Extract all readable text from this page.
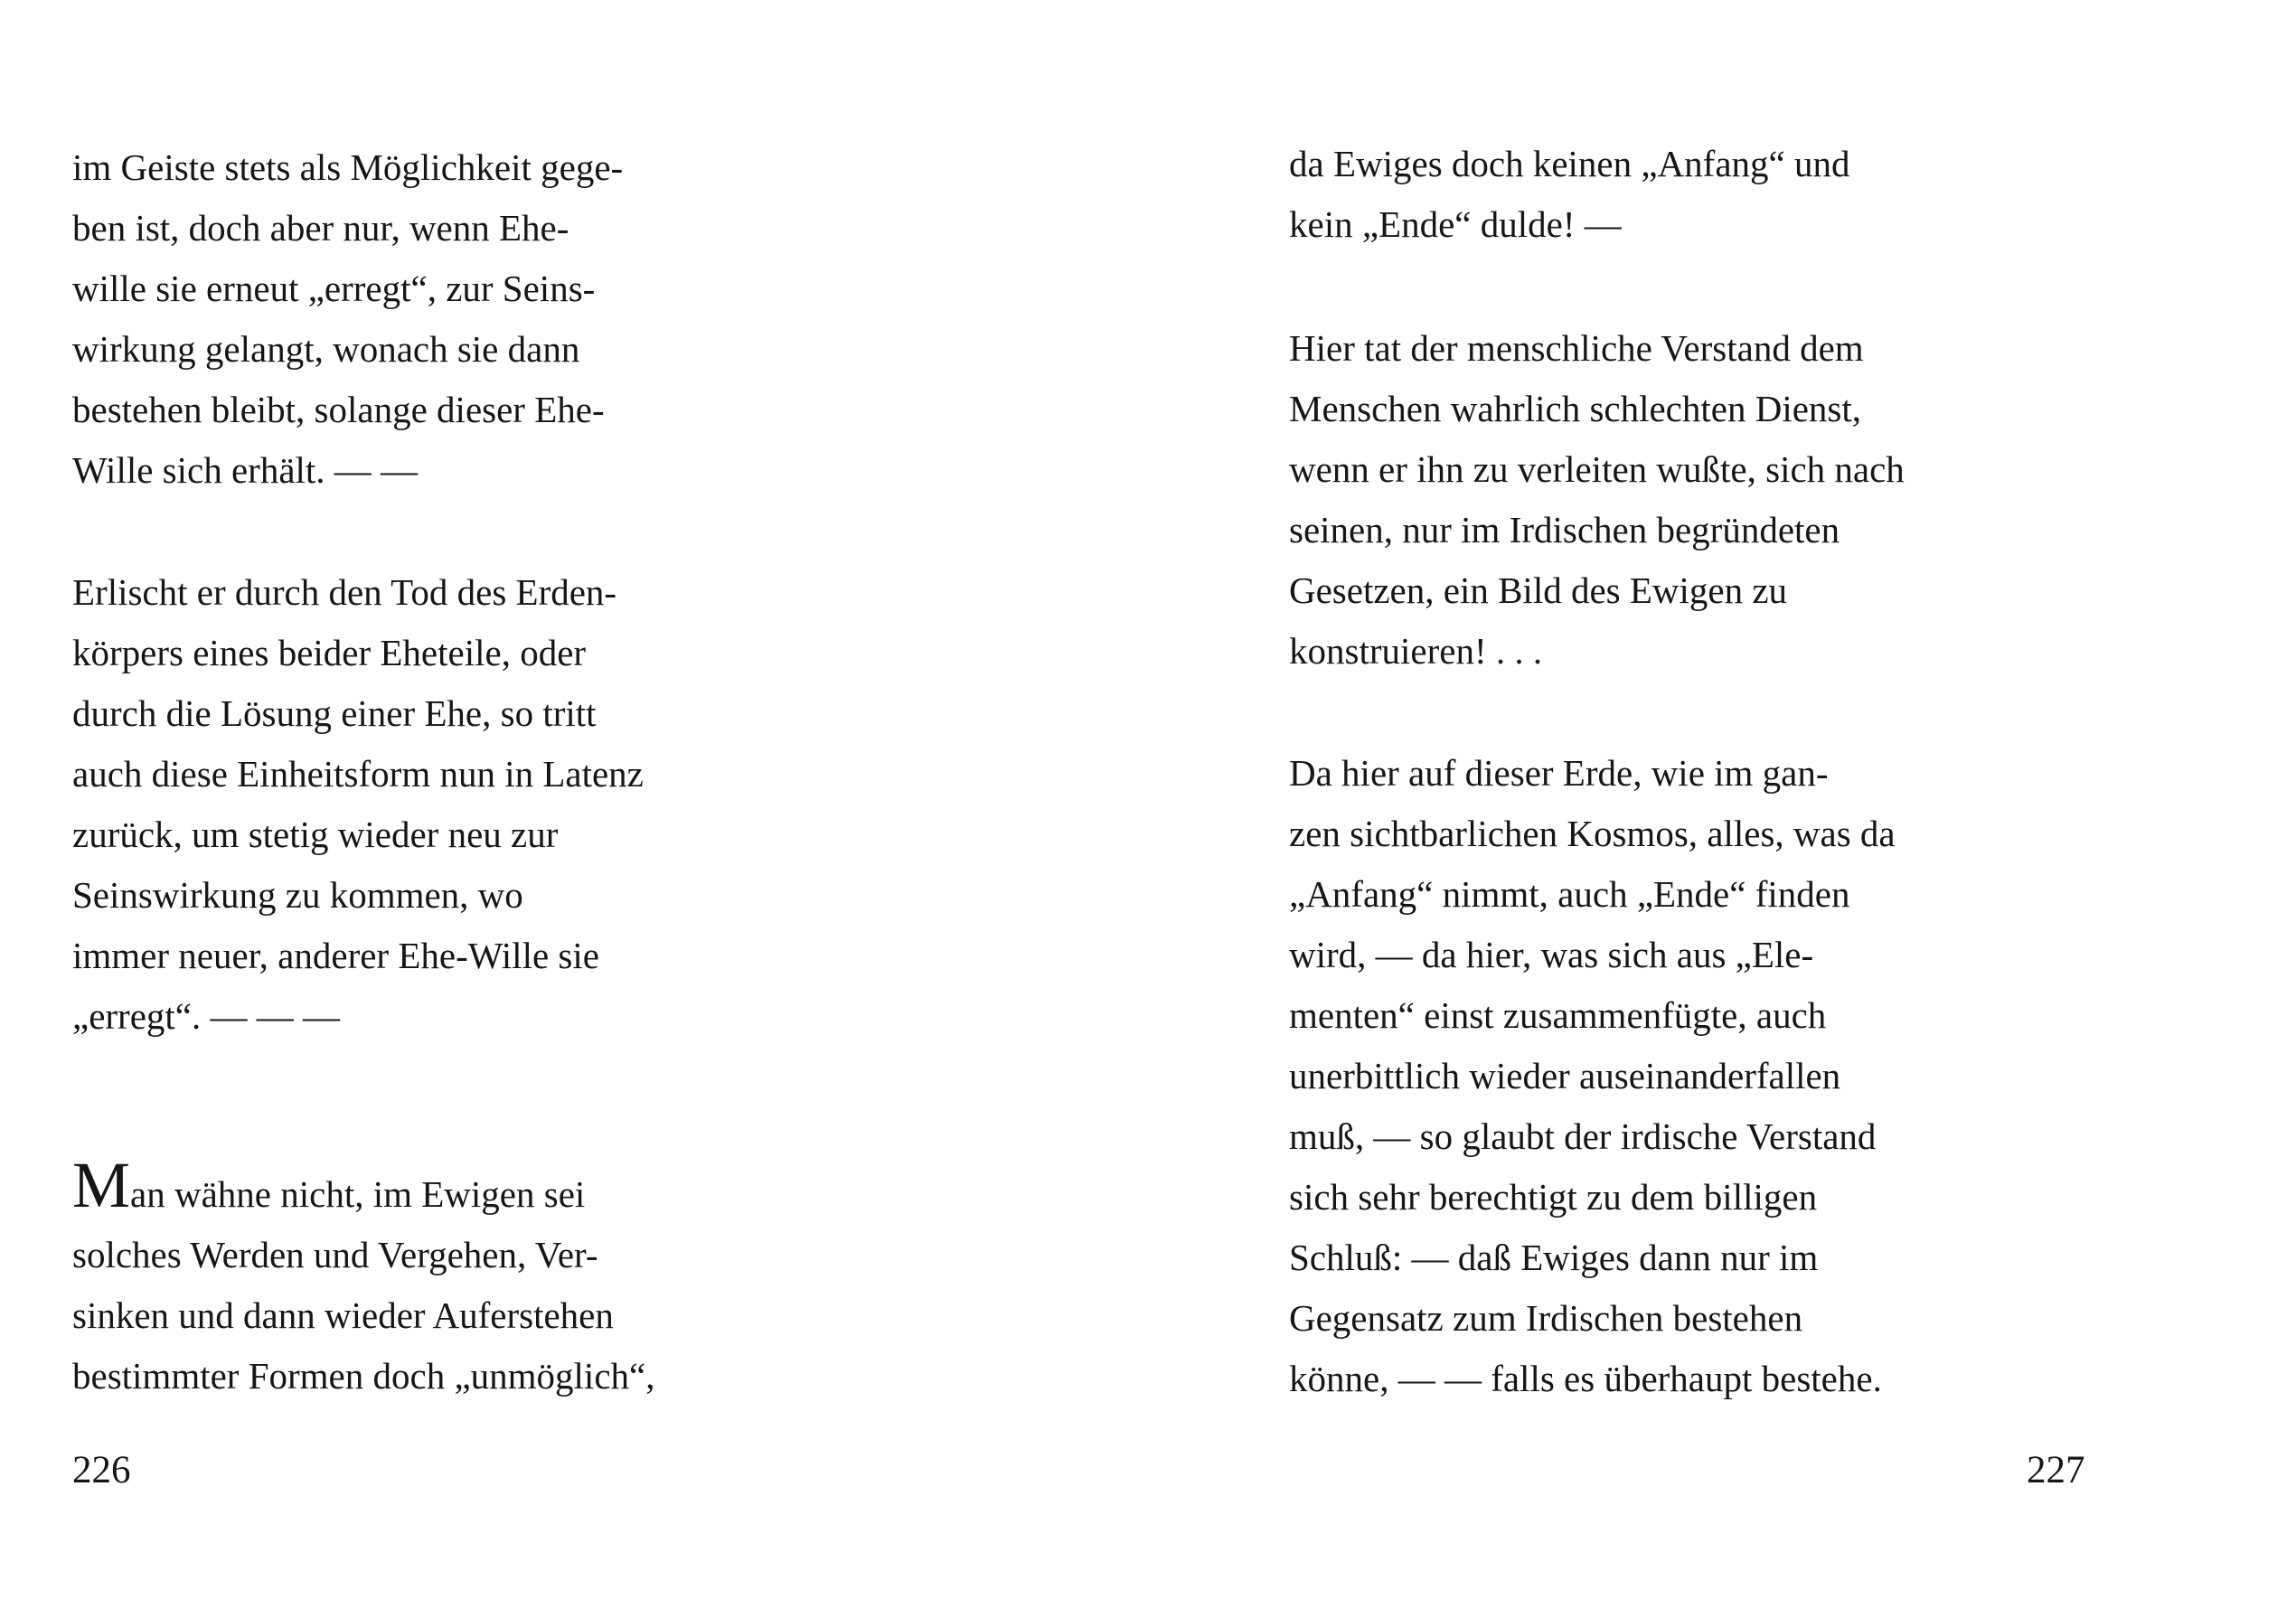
im Geiste stets als Möglichkeit gege-
ben ist, doch aber nur, wenn Ehe-
wille sie erneut „erregt“, zur Seins-
wirkung gelangt, wonach sie dann
bestehen bleibt, solange dieser Ehe-
Wille sich erhält. — —

Erlischt er durch den Tod des Erden-
körpers eines beider Eheteile, oder
durch die Lösung einer Ehe, so tritt
auch diese Einheitsform nun in Latenz
zurück, um stetig wieder neu zur
Seinswirkung zu kommen, wo
immer neuer, anderer Ehe-Wille sie
„erregt“. — — —

Man wähne nicht, im Ewigen sei
solches Werden und Vergehen, Ver-
sinken und dann wieder Auferstehen
bestimmter Formen doch „unmöglich“,

226

da Ewiges doch keinen „Anfang“ und
kein „Ende“ dulde! —

Hier tat der menschliche Verstand dem
Menschen wahrlich schlechten Dienst,
wenn er ihn zu verleiten wußte, sich nach
seinen, nur im Irdischen begründeten
Gesetzen, ein Bild des Ewigen zu
konstruieren! . . .

Da hier auf dieser Erde, wie im gan-
zen sichtbarlichen Kosmos, alles, was da
„Anfang“ nimmt, auch „Ende“ finden
wird, — da hier, was sich aus „Ele-
menten“ einst zusammenfügte, auch
unerbittlich wieder auseinanderfallen
muß, — so glaubt der irdische Verstand
sich sehr berechtigt zu dem billigen
Schluß: — daß Ewiges dann nur im
Gegensatz zum Irdischen bestehen
könne, — — falls es überhaupt bestehe.

227
